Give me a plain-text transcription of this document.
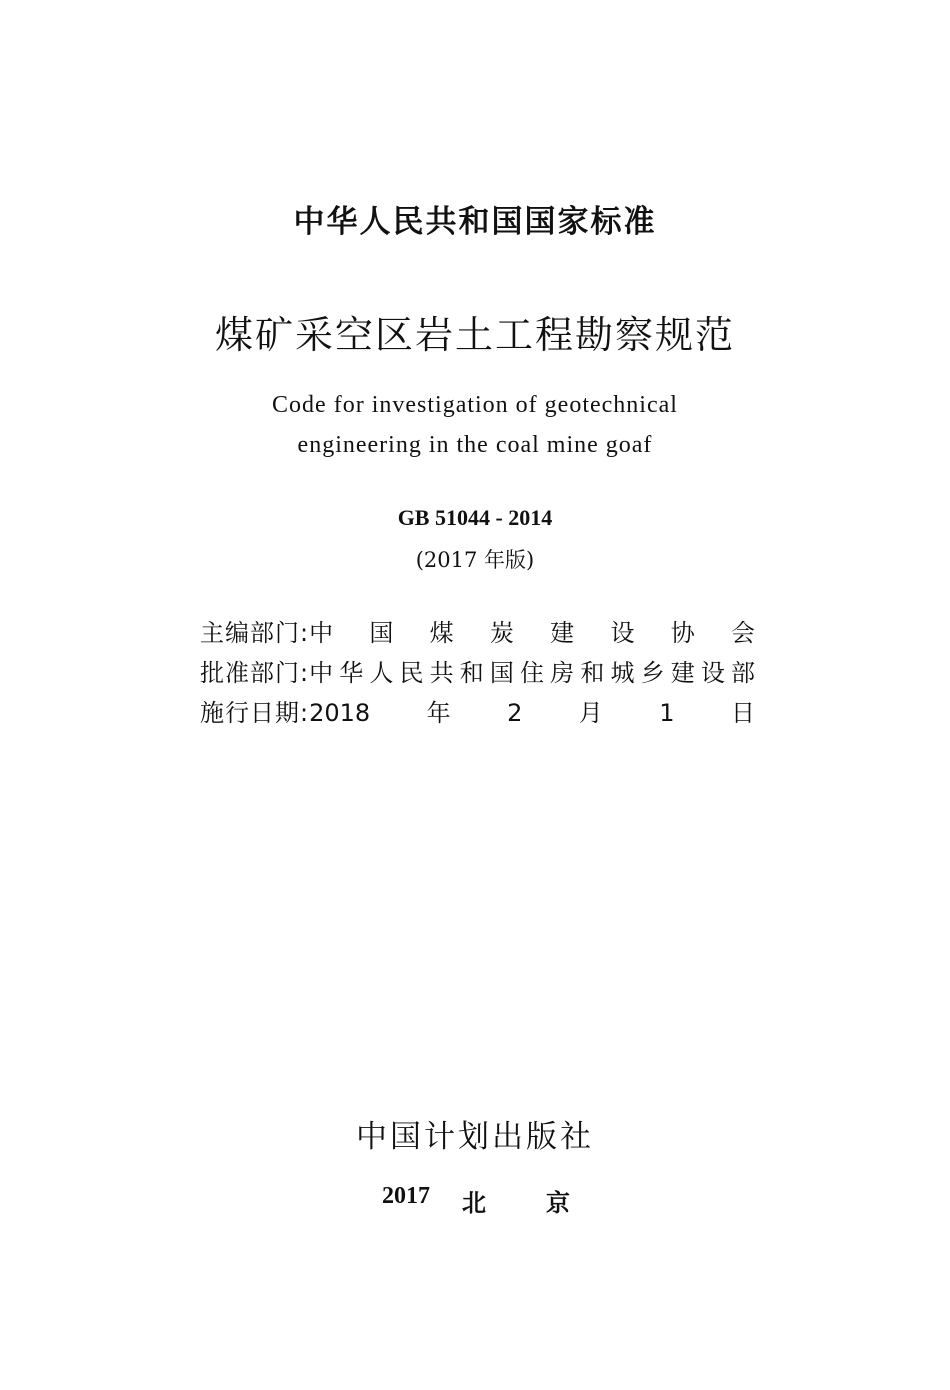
中华人民共和国国家标准
煤矿采空区岩土工程勘察规范
Code for investigation of geotechnical
engineering in the coal mine goaf
GB 51044 - 2014
(2017 年版)
主编部门: 中国煤炭建设协会
批准部门: 中华人民共和国住房和城乡建设部
施行日期: 2018年2月1日
中国计划出版社
2017 北京
